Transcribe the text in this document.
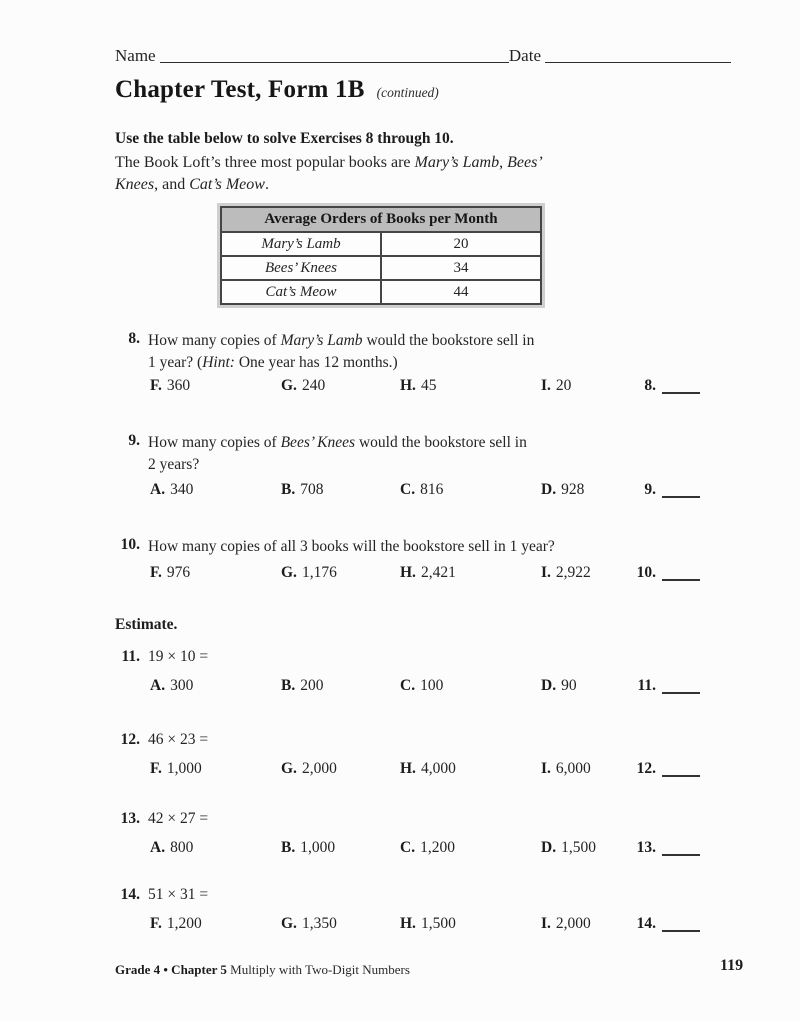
Name	Date
Chapter Test, Form 1B (continued)
Use the table below to solve Exercises 8 through 10.
The Book Loft’s three most popular books are Mary’s Lamb, Bees’
Knees, and Cat’s Meow.
Average Orders of Books per Month	
Mary’s Lamb	20
Bees’ Knees	34
Cat’s Meow	44
8. How many copies of Mary’s Lamb would the bookstore sell in
1 year? (Hint: One year has 12 months.)
F. 360	G. 240	H. 45	I. 20	8.
9. How many copies of Bees’ Knees would the bookstore sell in
2 years?
A. 340	B. 708	C. 816	D. 928	9.
10. How many copies of all 3 books will the bookstore sell in 1 year?
F. 976	G. 1,176	H. 2,421	I. 2,922	10.
Estimate.
11. 19 × 10 =
A. 300	B. 200	C. 100	D. 90	11.
12. 46 × 23 =
F. 1,000	G. 2,000	H. 4,000	I. 6,000	12.
13. 42 × 27 =
A. 800	B. 1,000	C. 1,200	D. 1,500	13.
14. 51 × 31 =
F. 1,200	G. 1,350	H. 1,500	I. 2,000	14.
Grade 4 • Chapter 5 Multiply with Two-Digit Numbers	119
